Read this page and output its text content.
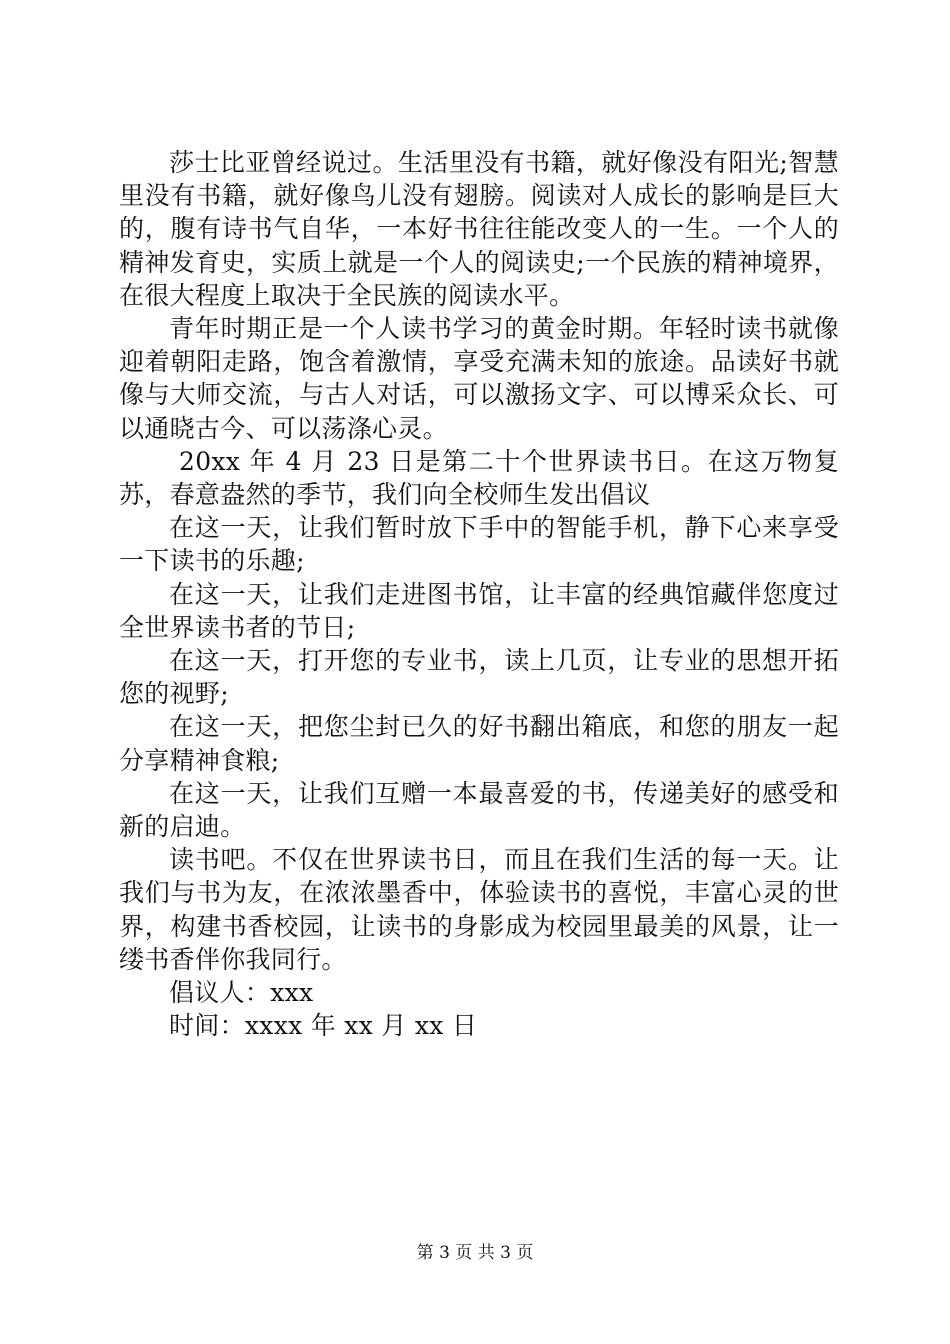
莎士比亚曾经说过。生活里没有书籍，就好像没有阳光;智慧里没有书籍，就好像鸟儿没有翅膀。阅读对人成长的影响是巨大的，腹有诗书气自华，一本好书往往能改变人的一生。一个人的精神发育史，实质上就是一个人的阅读史;一个民族的精神境界，在很大程度上取决于全民族的阅读水平。

青年时期正是一个人读书学习的黄金时期。年轻时读书就像迎着朝阳走路，饱含着激情，享受充满未知的旅途。品读好书就像与大师交流，与古人对话，可以激扬文字、可以博采众长、可以通晓古今、可以荡涤心灵。

20xx 年 4 月 23 日是第二十个世界读书日。在这万物复苏，春意盎然的季节，我们向全校师生发出倡议

在这一天，让我们暂时放下手中的智能手机，静下心来享受一下读书的乐趣;

在这一天，让我们走进图书馆，让丰富的经典馆藏伴您度过全世界读书者的节日;

在这一天，打开您的专业书，读上几页，让专业的思想开拓您的视野;

在这一天，把您尘封已久的好书翻出箱底，和您的朋友一起分享精神食粮;

在这一天，让我们互赠一本最喜爱的书，传递美好的感受和新的启迪。

读书吧。不仅在世界读书日，而且在我们生活的每一天。让我们与书为友，在浓浓墨香中，体验读书的喜悦，丰富心灵的世界，构建书香校园，让读书的身影成为校园里最美的风景，让一缕书香伴你我同行。

倡议人：xxx

时间：xxxx 年 xx 月 xx 日

第 3 页 共 3 页
